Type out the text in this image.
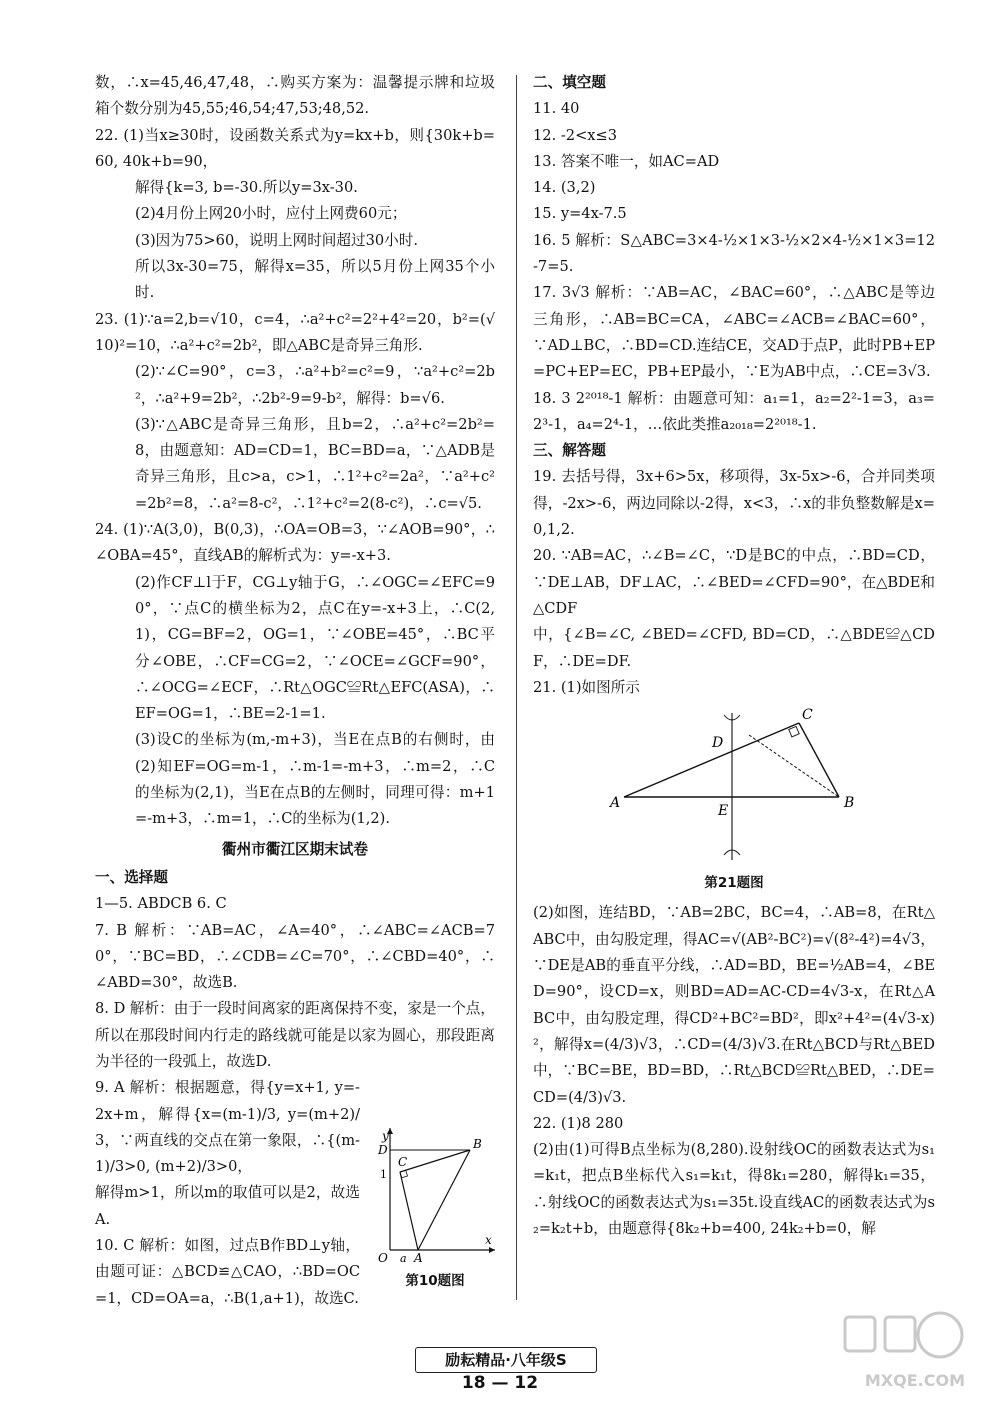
数，∴x=45,46,47,48，∴购买方案为：温馨提示牌和垃圾箱个数分别为45,55;46,54;47,53;48,52.

22. (1)当x≥30时，设函数关系式为y=kx+b，则{30k+b=60, 40k+b=90，

解得{k=3, b=-30.所以y=3x-30.

(2)4月份上网20小时，应付上网费60元；

(3)因为75>60，说明上网时间超过30小时.

所以3x-30=75，解得x=35，所以5月份上网35个小时.

23. (1)∵a=2,b=√10，c=4，∴a²+c²=2²+4²=20，b²=(√10)²=10，∴a²+c²=2b²，即△ABC是奇异三角形.

(2)∵∠C=90°，c=3，∴a²+b²=c²=9，∵a²+c²=2b²，∴a²+9=2b²，∴2b²-9=9-b²，解得：b=√6.

(3)∵△ABC是奇异三角形，且b=2，∴a²+c²=2b²=8，由题意知：AD=CD=1，BC=BD=a，∵△ADB是奇异三角形，且c>a，c>1，∴1²+c²=2a²，∵a²+c²=2b²=8，∴a²=8-c²，∴1²+c²=2(8-c²)，∴c=√5.

24. (1)∵A(3,0)，B(0,3)，∴OA=OB=3，∵∠AOB=90°，∴∠OBA=45°，直线AB的解析式为：y=-x+3.

(2)作CF⊥l于F，CG⊥y轴于G，∴∠OGC=∠EFC=90°，∵点C的横坐标为2，点C在y=-x+3上，∴C(2,1)，CG=BF=2，OG=1，∵∠OBE=45°，∴BC平分∠OBE，∴CF=CG=2，∵∠OCE=∠GCF=90°，∴∠OCG=∠ECF，∴Rt△OGC≌Rt△EFC(ASA)，∴EF=OG=1，∴BE=2-1=1.

(3)设C的坐标为(m,-m+3)，当E在点B的右侧时，由(2)知EF=OG=m-1，∴m-1=-m+3，∴m=2，∴C的坐标为(2,1)，当E在点B的左侧时，同理可得：m+1=-m+3，∴m=1，∴C的坐标为(1,2).

衢州市衢江区期末试卷

一、选择题

1—5. ABDCB 6. C

7. B 解析：∵AB=AC，∠A=40°，∴∠ABC=∠ACB=70°，∵BC=BD，∴∠CDB=∠C=70°，∴∠CBD=40°，∴∠ABD=30°，故选B.

8. D 解析：由于一段时间离家的距离保持不变，家是一个点，所以在那段时间内行走的路线就可能是以家为圆心，那段距离为半径的一段弧上，故选D.

9. A 解析：根据题意，得{y=x+1, y=-2x+m，解得{x=(m-1)/3, y=(m+2)/3，∵两直线的交点在第一象限，∴{(m-1)/3>0, (m+2)/3>0，

解得m>1，所以m的取值可以是2，故选A.

10. C 解析：如图，过点B作BD⊥y轴，由题可证：△BCD≌△CAO，∴BD=OC=1，CD=OA=a，∴B(1,a+1)，故选C.

y
x
O a A
B
C
D
1

第10题图

二、填空题

11. 40

12. -2<x≤3

13. 答案不唯一，如AC=AD

14. (3,2)

15. y=4x-7.5

16. 5 解析：S△ABC=3×4-½×1×3-½×2×4-½×1×3=12-7=5.

17. 3√3 解析：∵AB=AC，∠BAC=60°，∴△ABC是等边三角形，∴AB=BC=CA，∠ABC=∠ACB=∠BAC=60°，∵AD⊥BC，∴BD=CD.连结CE，交AD于点P，此时PB+EP=PC+EP=EC，PB+EP最小，∵E为AB中点，∴CE=3√3.

18. 3 2²⁰¹⁸-1 解析：由题意可知：a₁=1，a₂=2²-1=3，a₃=2³-1，a₄=2⁴-1，…依此类推a₂₀₁₈=2²⁰¹⁸-1.

三、解答题

19. 去括号得，3x+6>5x，移项得，3x-5x>-6，合并同类项得，-2x>-6，两边同除以-2得，x<3，∴x的非负整数解是x=0,1,2.

20. ∵AB=AC，∴∠B=∠C，∵D是BC的中点，∴BD=CD，∵DE⊥AB，DF⊥AC，∴∠BED=∠CFD=90°，在△BDE和△CDF

中，{∠B=∠C, ∠BED=∠CFD, BD=CD，∴△BDE≌△CDF，∴DE=DF.

21. (1)如图所示

A	B
C
D
E

第21题图

(2)如图，连结BD，∵AB=2BC，BC=4，∴AB=8，在Rt△ABC中，由勾股定理，得AC=√(AB²-BC²)=√(8²-4²)=4√3，∵DE是AB的垂直平分线，∴AD=BD，BE=½AB=4，∠BED=90°，设CD=x，则BD=AD=AC-CD=4√3-x，在Rt△ABC中，由勾股定理，得CD²+BC²=BD²，即x²+4²=(4√3-x)²，解得x=(4/3)√3，∴CD=(4/3)√3.在Rt△BCD与Rt△BED中，∵BC=BE，BD=BD，∴Rt△BCD≌Rt△BED，∴DE=CD=(4/3)√3.

22. (1)8 280

(2)由(1)可得B点坐标为(8,280).设射线OC的函数表达式为s₁=k₁t，把点B坐标代入s₁=k₁t，得8k₁=280，解得k₁=35，∴射线OC的函数表达式为s₁=35t.设直线AC的函数表达式为s₂=k₂t+b，由题意得{8k₂+b=400, 24k₂+b=0，解

励耘精品·八年级S
18 — 12	MXQE.COM
